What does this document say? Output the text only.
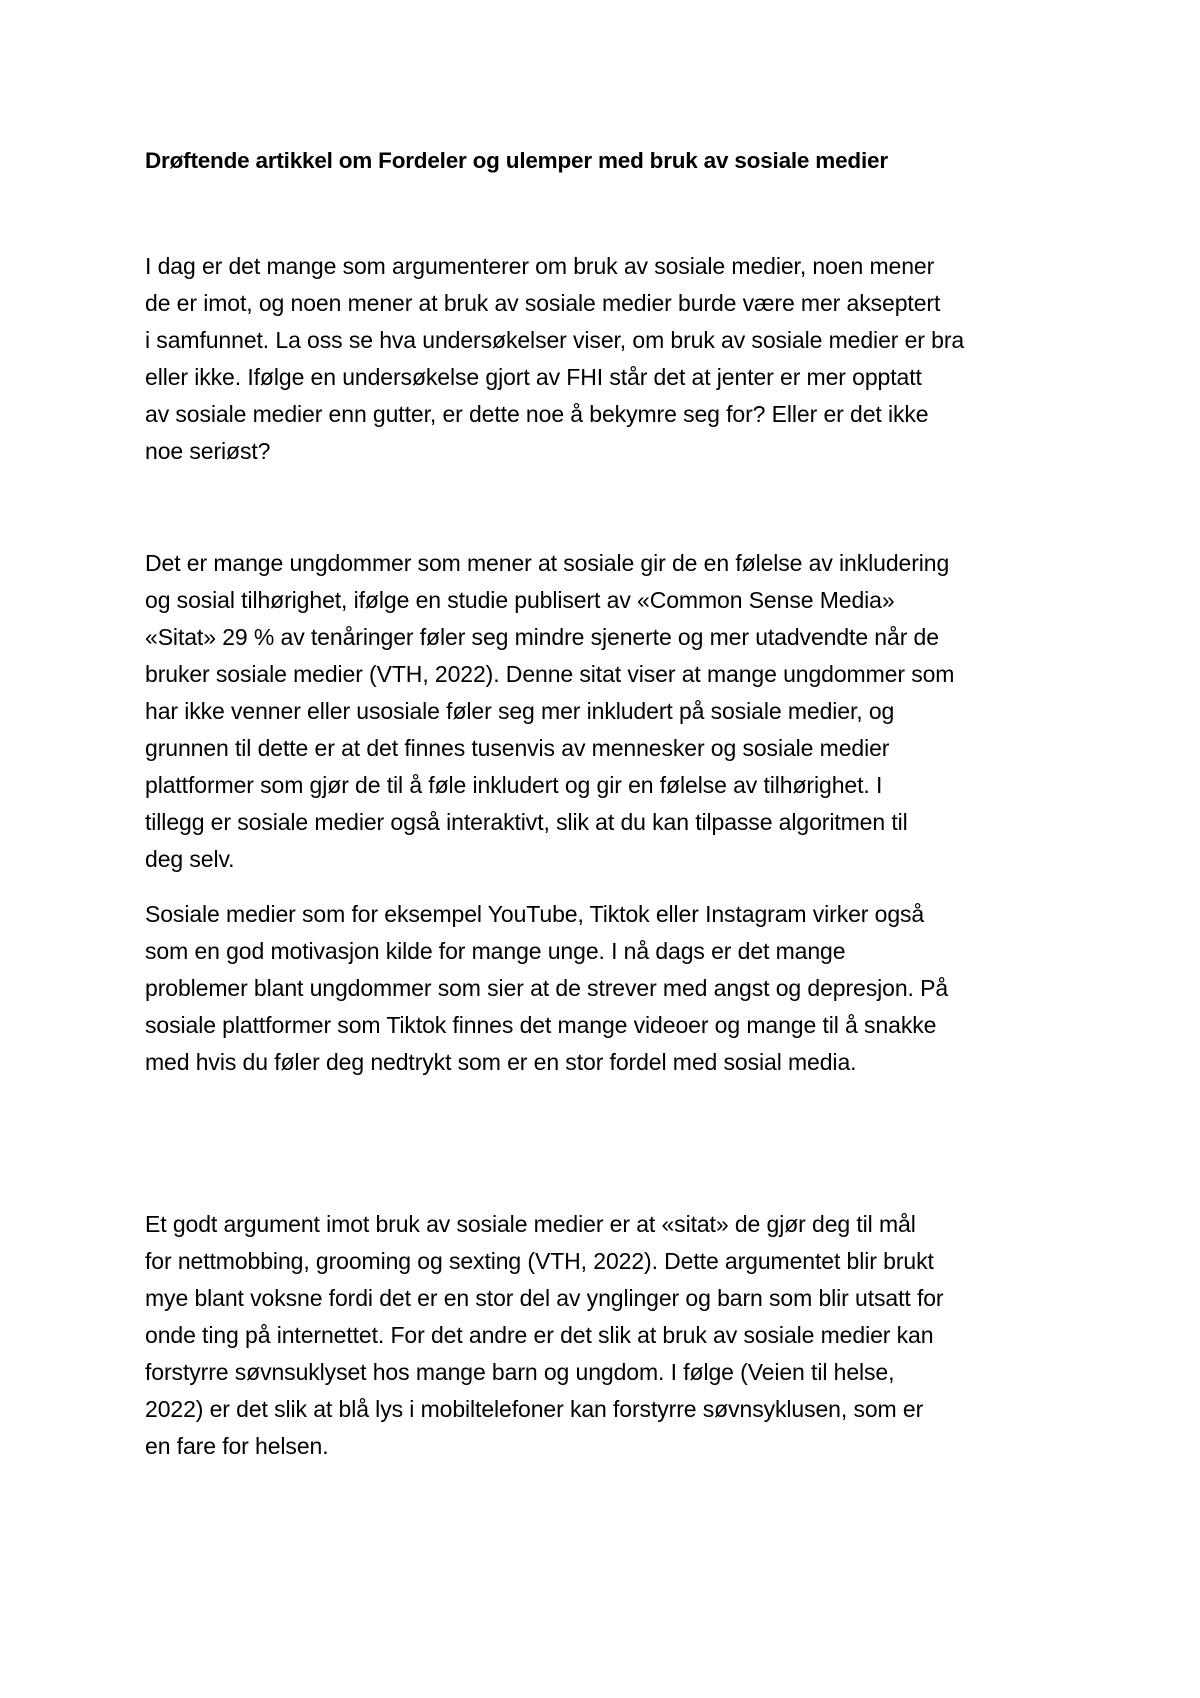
Drøftende artikkel om Fordeler og ulemper med bruk av sosiale medier

I dag er det mange som argumenterer om bruk av sosiale medier, noen mener
de er imot, og noen mener at bruk av sosiale medier burde være mer akseptert
i samfunnet. La oss se hva undersøkelser viser, om bruk av sosiale medier er bra
eller ikke. Ifølge en undersøkelse gjort av FHI står det at jenter er mer opptatt
av sosiale medier enn gutter, er dette noe å bekymre seg for? Eller er det ikke
noe seriøst?

Det er mange ungdommer som mener at sosiale gir de en følelse av inkludering
og sosial tilhørighet, ifølge en studie publisert av «Common Sense Media»
«Sitat» 29 % av tenåringer føler seg mindre sjenerte og mer utadvendte når de
bruker sosiale medier (VTH, 2022). Denne sitat viser at mange ungdommer som
har ikke venner eller usosiale føler seg mer inkludert på sosiale medier, og
grunnen til dette er at det finnes tusenvis av mennesker og sosiale medier
plattformer som gjør de til å føle inkludert og gir en følelse av tilhørighet. I
tillegg er sosiale medier også interaktivt, slik at du kan tilpasse algoritmen til
deg selv.

Sosiale medier som for eksempel YouTube, Tiktok eller Instagram virker også
som en god motivasjon kilde for mange unge. I nå dags er det mange
problemer blant ungdommer som sier at de strever med angst og depresjon. På
sosiale plattformer som Tiktok finnes det mange videoer og mange til å snakke
med hvis du føler deg nedtrykt som er en stor fordel med sosial media.

Et godt argument imot bruk av sosiale medier er at «sitat» de gjør deg til mål
for nettmobbing, grooming og sexting (VTH, 2022). Dette argumentet blir brukt
mye blant voksne fordi det er en stor del av ynglinger og barn som blir utsatt for
onde ting på internettet. For det andre er det slik at bruk av sosiale medier kan
forstyrre søvnsuklyset hos mange barn og ungdom. I følge (Veien til helse,
2022) er det slik at blå lys i mobiltelefoner kan forstyrre søvnsyklusen, som er
en fare for helsen.
